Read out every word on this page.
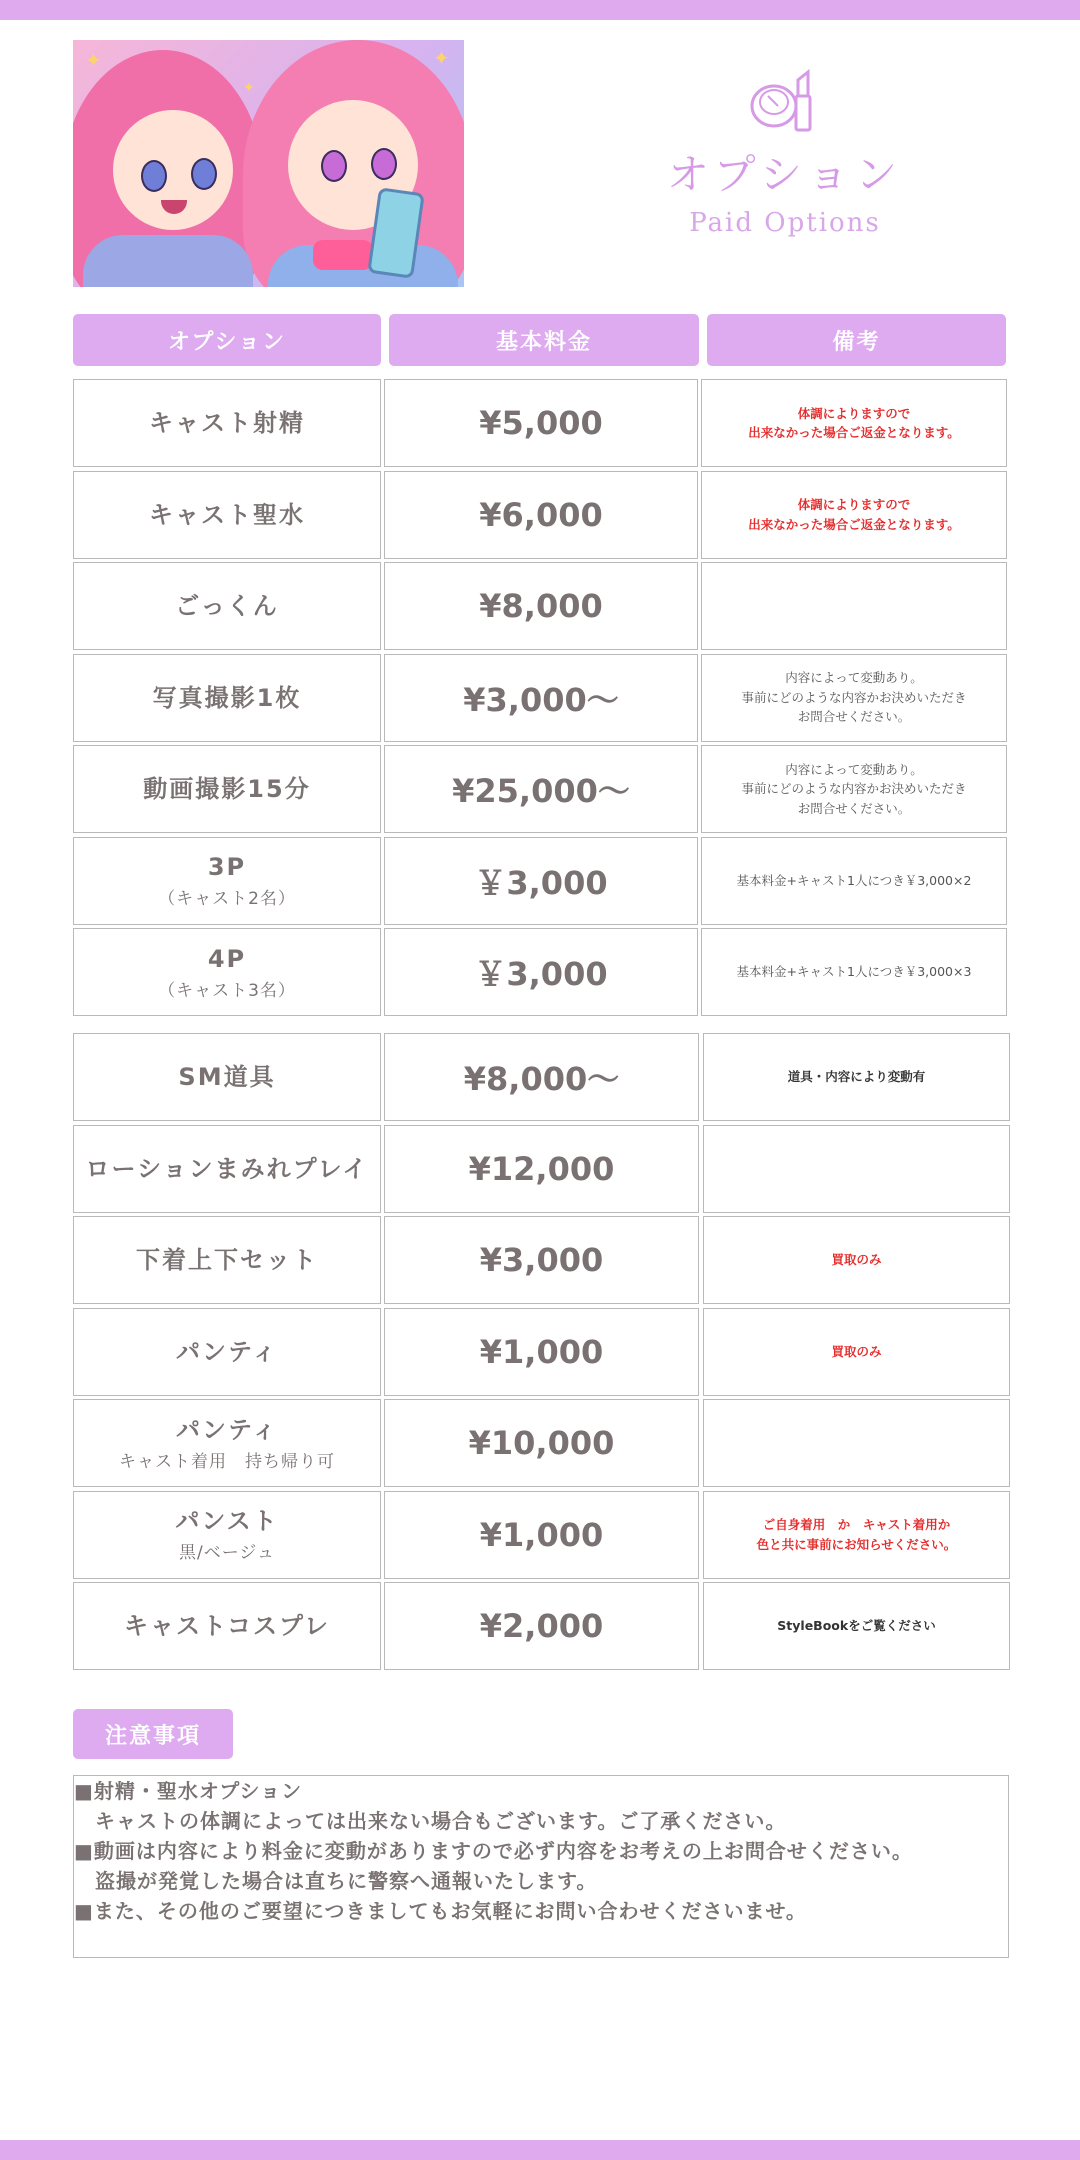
✦	✦
✦
オプション
Paid Options
オプション	基本料金	備考
キャスト射精	¥5,000	体調によりますので
出来なかった場合ご返金となります。
キャスト聖水	¥6,000	体調によりますので
出来なかった場合ご返金となります。
ごっくん	¥8,000
写真撮影1枚	¥3,000〜
内容によって変動あり。
事前にどのような内容かお決めいただき
お問合せください。
動画撮影15分	¥25,000〜
内容によって変動あり。
事前にどのような内容かお決めいただき
お問合せください。
3P
（キャスト2名）	￥3,000	基本料金+キャスト1人につき￥3,000×2
4P
（キャスト3名）	￥3,000	基本料金+キャスト1人につき￥3,000×3
SM道具	¥8,000〜	道具・内容により変動有
ローションまみれプレイ	¥12,000
下着上下セット	¥3,000	買取のみ
パンティ	¥1,000	買取のみ
パンティ
キャスト着用　持ち帰り可	¥10,000
パンスト
黒/ベージュ	¥1,000	ご自身着用　か　キャスト着用か
色と共に事前にお知らせください。
キャストコスプレ	¥2,000	StyleBookをご覧ください
注意事項
■射精・聖水オプション
　キャストの体調によっては出来ない場合もございます。ご了承ください。
■動画は内容により料金に変動がありますので必ず内容をお考えの上お問合せください。
　盗撮が発覚した場合は直ちに警察へ通報いたします。
■また、その他のご要望につきましてもお気軽にお問い合わせくださいませ。
